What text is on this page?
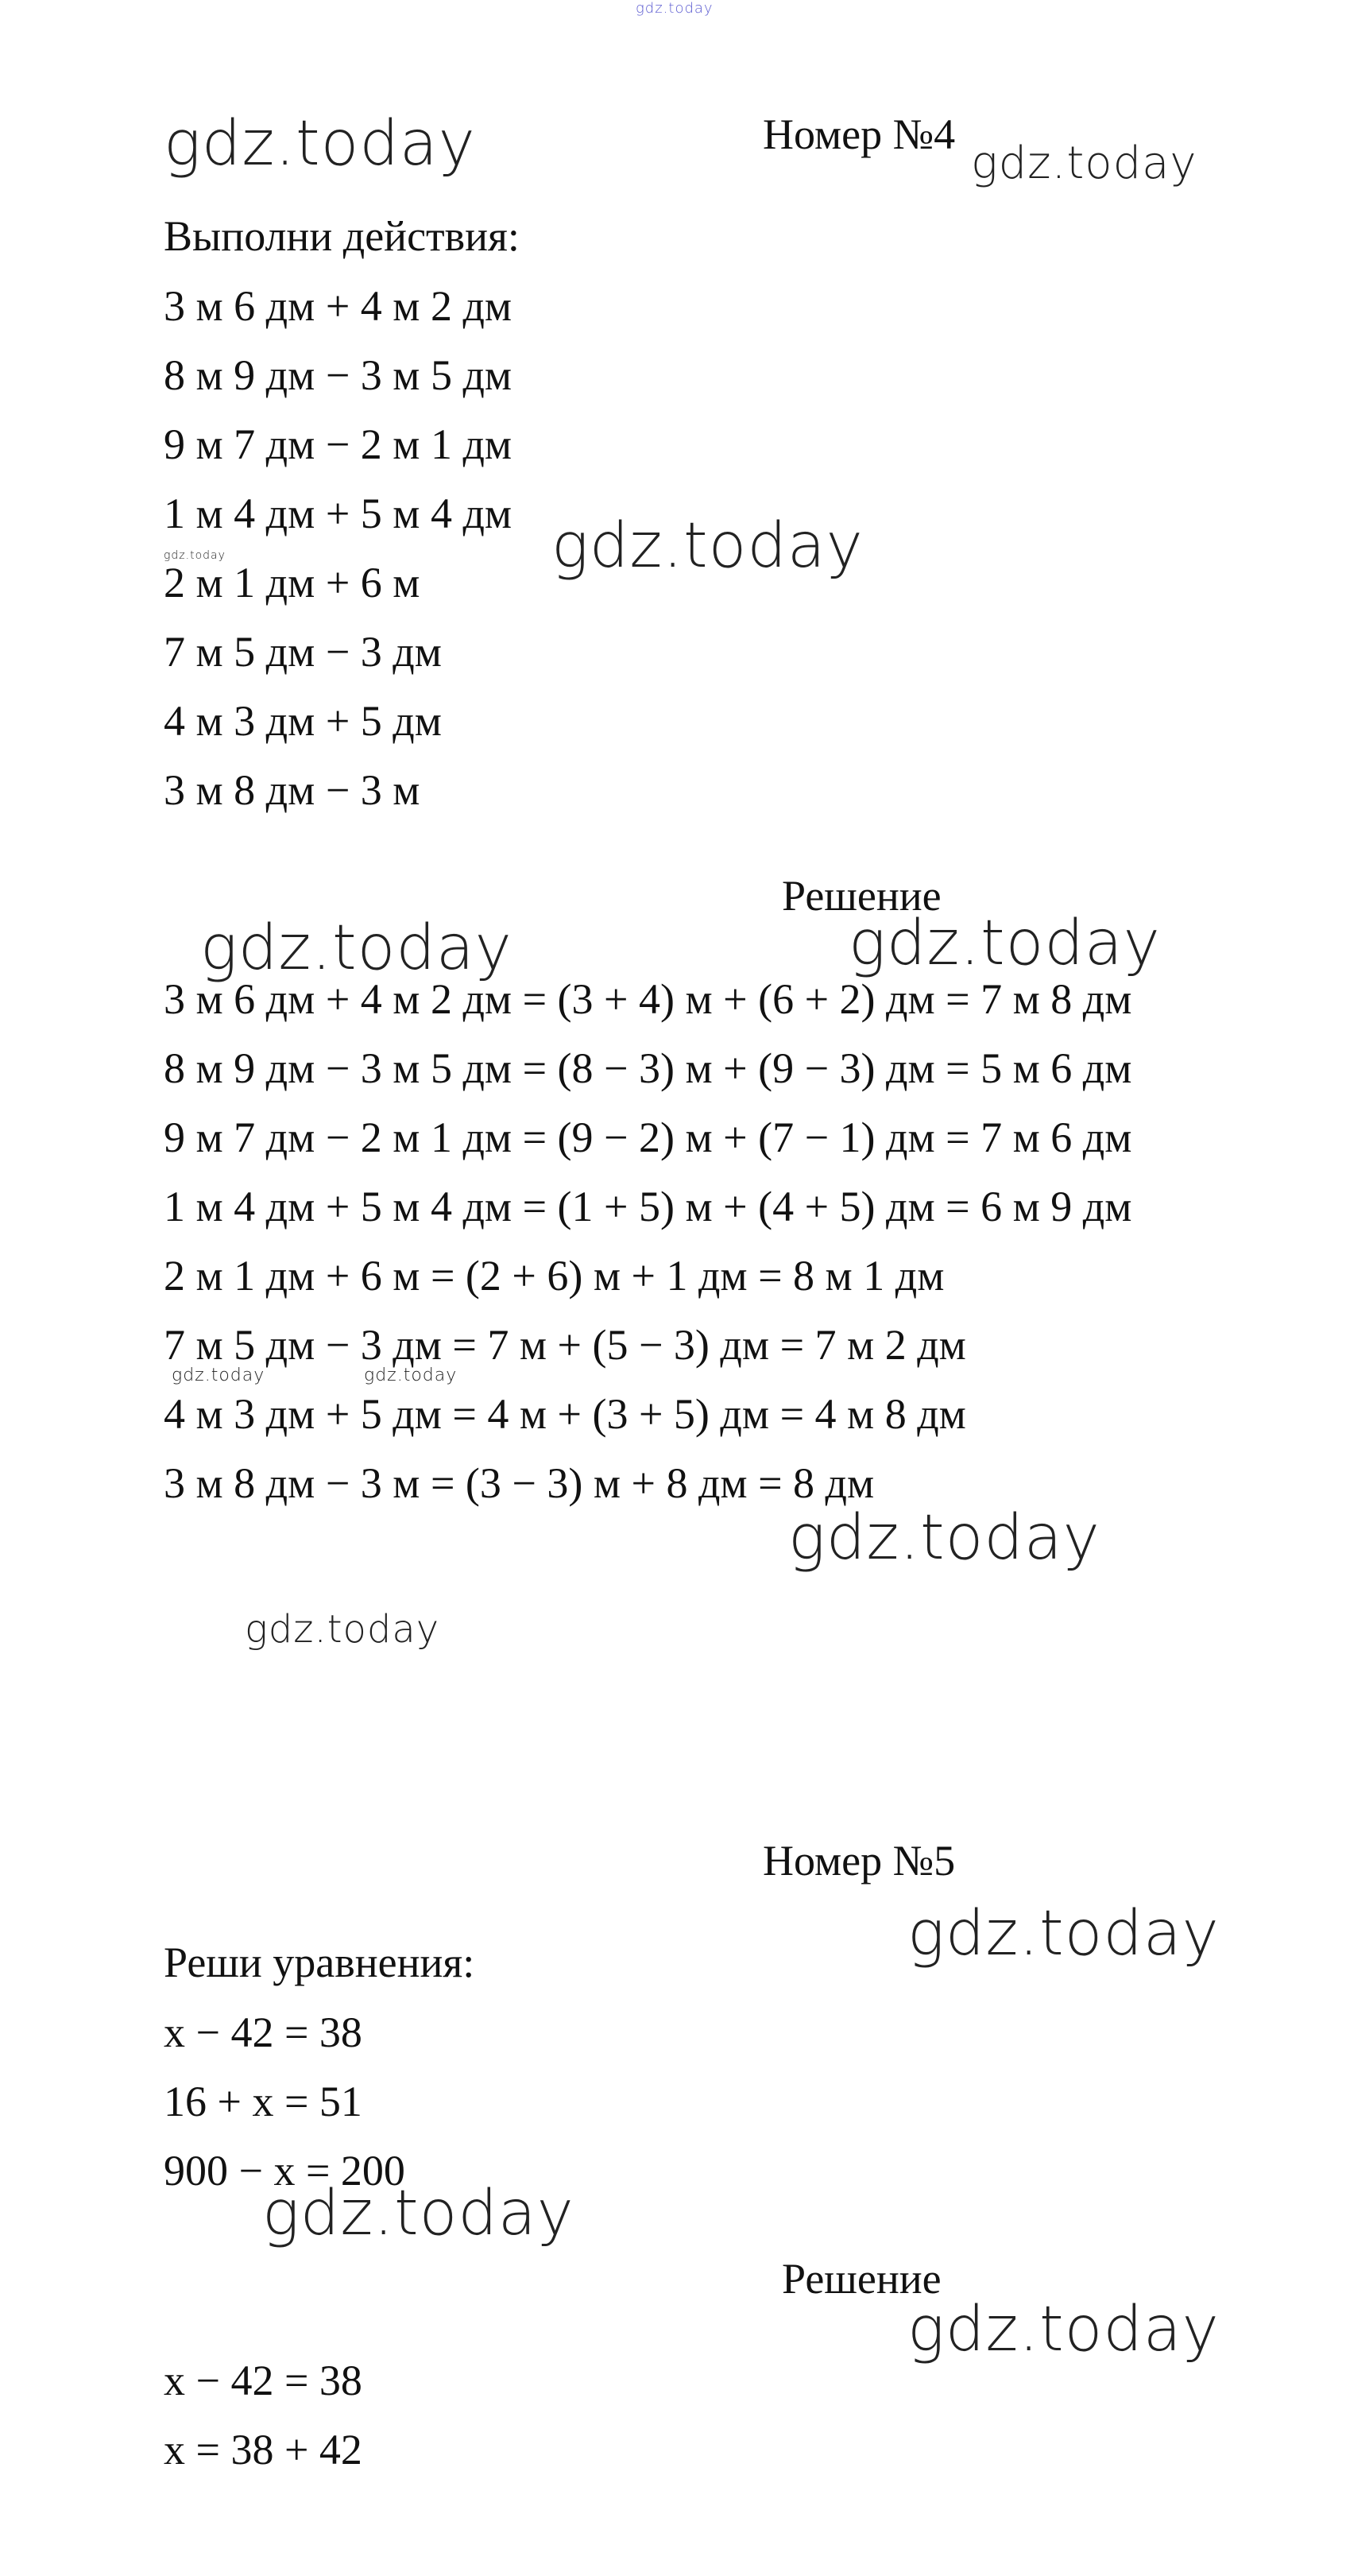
gdz.today
gdz.today	gdz.today
gdz.today
gdz.today
gdz.today	gdz.today
gdz.today	gdz.today
gdz.today
gdz.today
gdz.today
gdz.today
gdz.today
Номер №4
Выполни действия:
3 м 6 дм + 4 м 2 дм
8 м 9 дм − 3 м 5 дм
9 м 7 дм − 2 м 1 дм
1 м 4 дм + 5 м 4 дм
2 м 1 дм + 6 м
7 м 5 дм − 3 дм
4 м 3 дм + 5 дм
3 м 8 дм − 3 м
Решение
3 м 6 дм + 4 м 2 дм = (3 + 4) м + (6 + 2) дм = 7 м 8 дм
8 м 9 дм − 3 м 5 дм = (8 − 3) м + (9 − 3) дм = 5 м 6 дм
9 м 7 дм − 2 м 1 дм = (9 − 2) м + (7 − 1) дм = 7 м 6 дм
1 м 4 дм + 5 м 4 дм = (1 + 5) м + (4 + 5) дм = 6 м 9 дм
2 м 1 дм + 6 м = (2 + 6) м + 1 дм = 8 м 1 дм
7 м 5 дм − 3 дм = 7 м + (5 − 3) дм = 7 м 2 дм
4 м 3 дм + 5 дм = 4 м + (3 + 5) дм = 4 м 8 дм
3 м 8 дм − 3 м = (3 − 3) м + 8 дм = 8 дм
Номер №5
Реши уравнения:
x − 42 = 38
16 + x = 51
900 − x = 200
Решение
x − 42 = 38
x = 38 + 42
